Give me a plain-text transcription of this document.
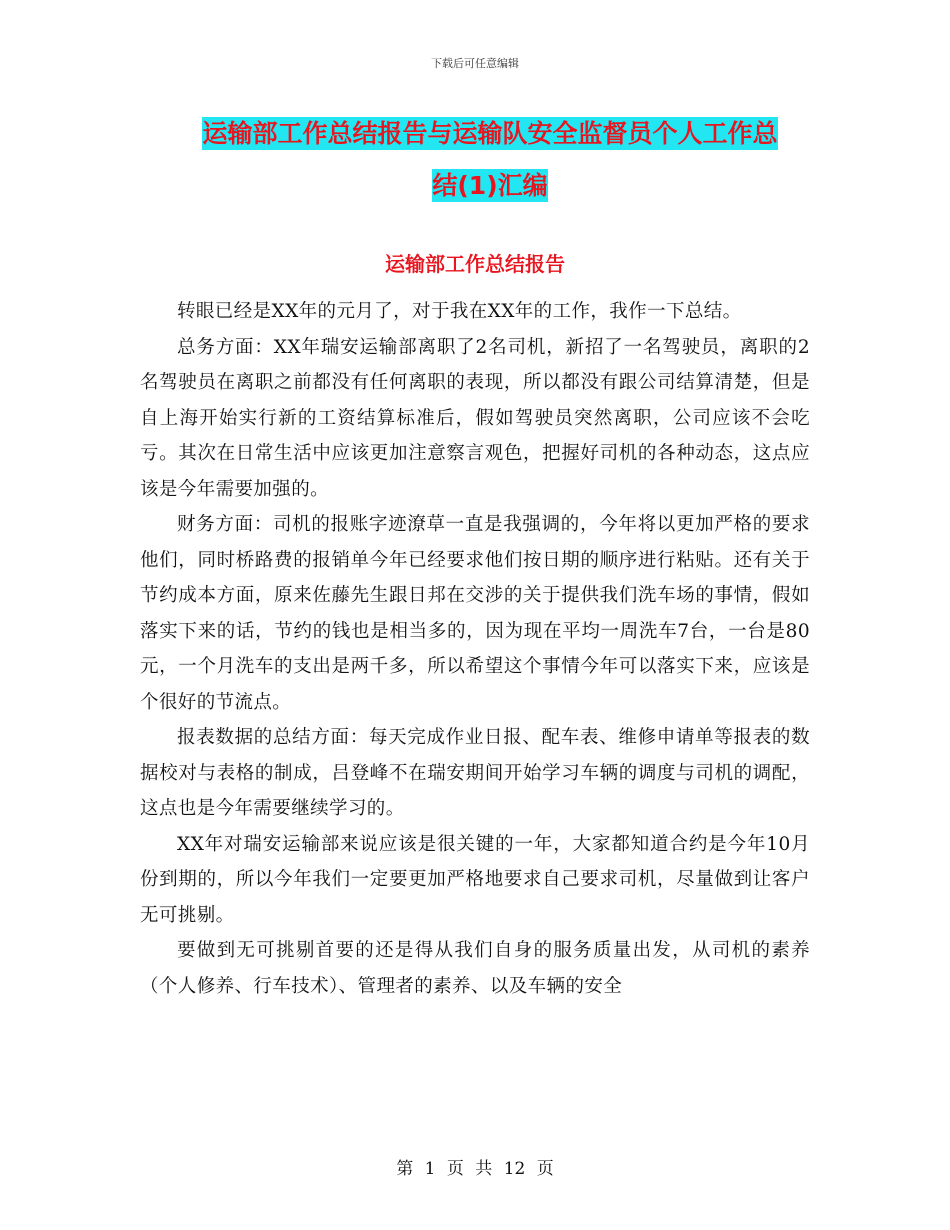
下载后可任意编辑
运输部工作总结报告与运输队安全监督员个人工作总
结(1)汇编
运输部工作总结报告

转眼已经是XX年的元月了，对于我在XX年的工作，我作一下总结。

总务方面：XX年瑞安运输部离职了2名司机，新招了一名驾驶员，离职的2名驾驶员在离职之前都没有任何离职的表现，所以都没有跟公司结算清楚，但是自上海开始实行新的工资结算标准后，假如驾驶员突然离职，公司应该不会吃亏。其次在日常生活中应该更加注意察言观色，把握好司机的各种动态，这点应该是今年需要加强的。

财务方面：司机的报账字迹潦草一直是我强调的，今年将以更加严格的要求他们，同时桥路费的报销单今年已经要求他们按日期的顺序进行粘贴。还有关于节约成本方面，原来佐藤先生跟日邦在交涉的关于提供我们洗车场的事情，假如落实下来的话，节约的钱也是相当多的，因为现在平均一周洗车7台，一台是80元，一个月洗车的支出是两千多，所以希望这个事情今年可以落实下来，应该是个很好的节流点。

报表数据的总结方面：每天完成作业日报、配车表、维修申请单等报表的数据校对与表格的制成，吕登峰不在瑞安期间开始学习车辆的调度与司机的调配，这点也是今年需要继续学习的。

XX年对瑞安运输部来说应该是很关键的一年，大家都知道合约是今年10月份到期的，所以今年我们一定要更加严格地要求自己要求司机，尽量做到让客户无可挑剔。

要做到无可挑剔首要的还是得从我们自身的服务质量出发，从司机的素养（个人修养、行车技术）、管理者的素养、以及车辆的安全

第 1 页 共 12 页
